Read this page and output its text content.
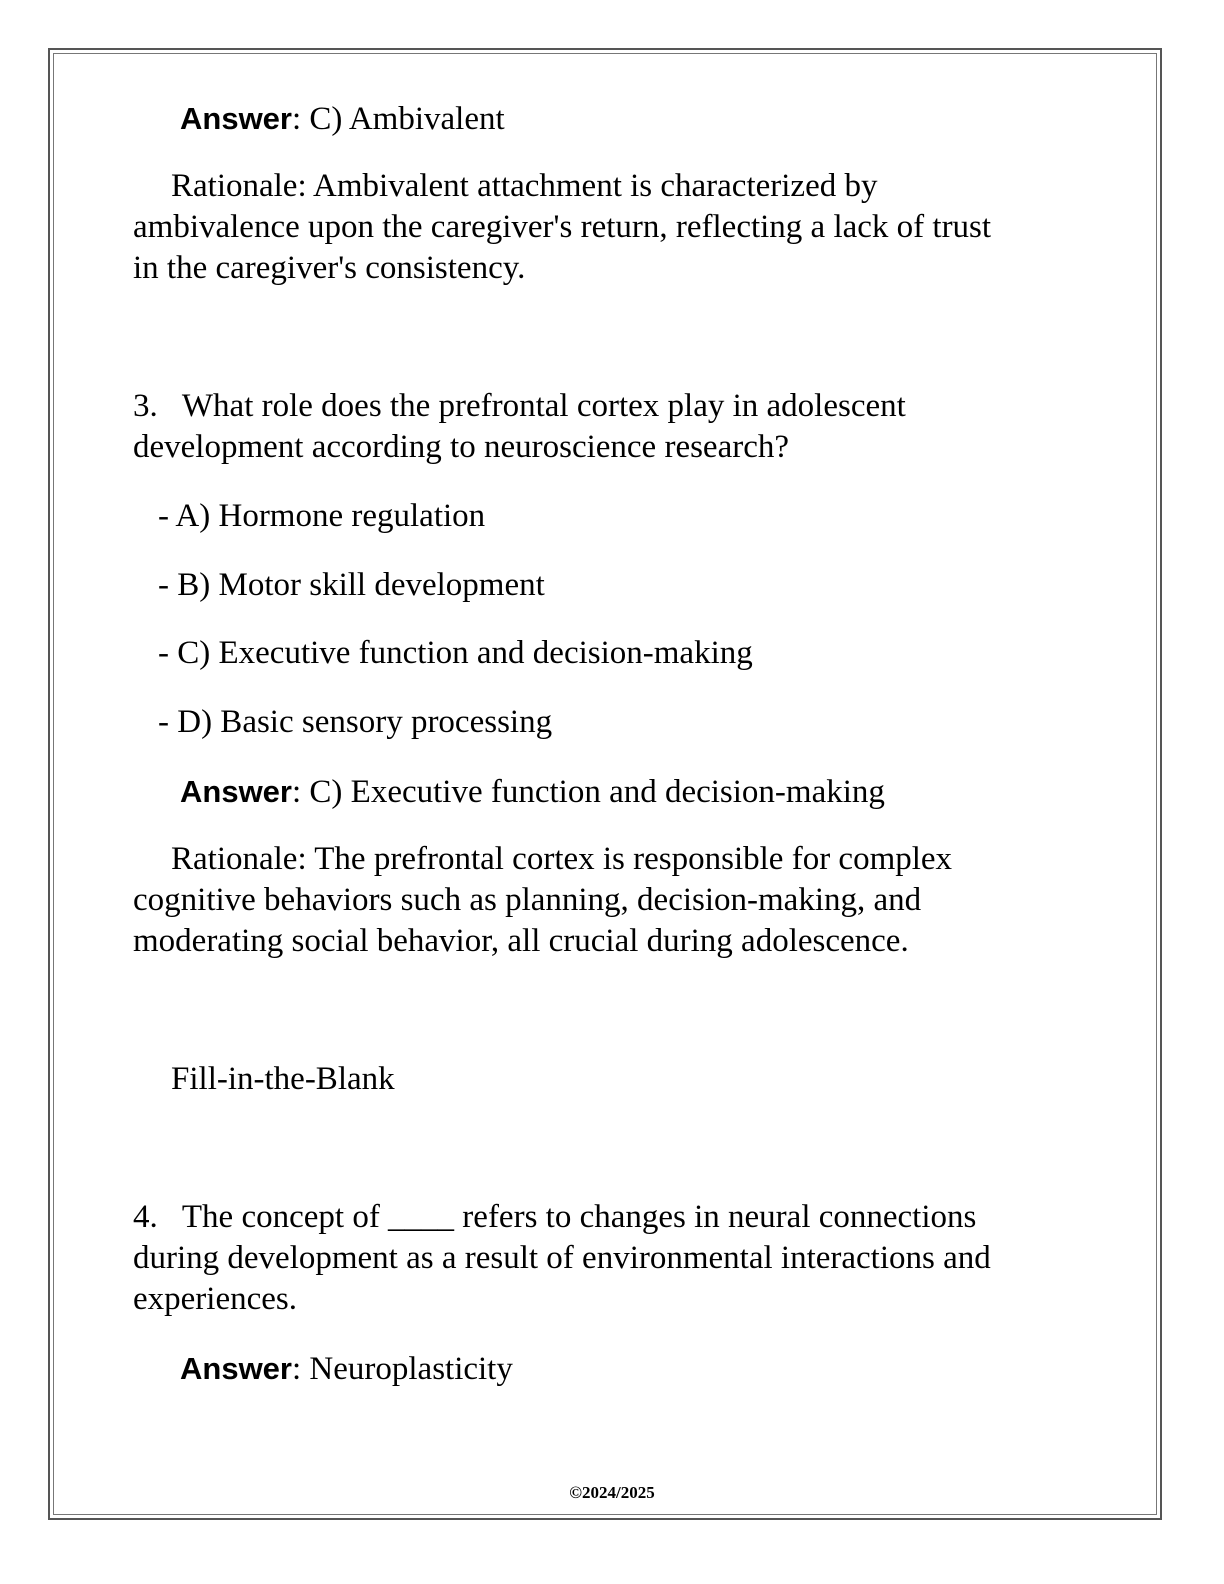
Answer: C) Ambivalent

Rationale: Ambivalent attachment is characterized by

ambivalence upon the caregiver's return, reflecting a lack of trust

in the caregiver's consistency.

3.   What role does the prefrontal cortex play in adolescent

development according to neuroscience research?

- A) Hormone regulation

- B) Motor skill development

- C) Executive function and decision-making

- D) Basic sensory processing

Answer: C) Executive function and decision-making

Rationale: The prefrontal cortex is responsible for complex

cognitive behaviors such as planning, decision-making, and

moderating social behavior, all crucial during adolescence.

Fill-in-the-Blank

4.   The concept of ____ refers to changes in neural connections

during development as a result of environmental interactions and

experiences.

Answer: Neuroplasticity

©2024/2025
